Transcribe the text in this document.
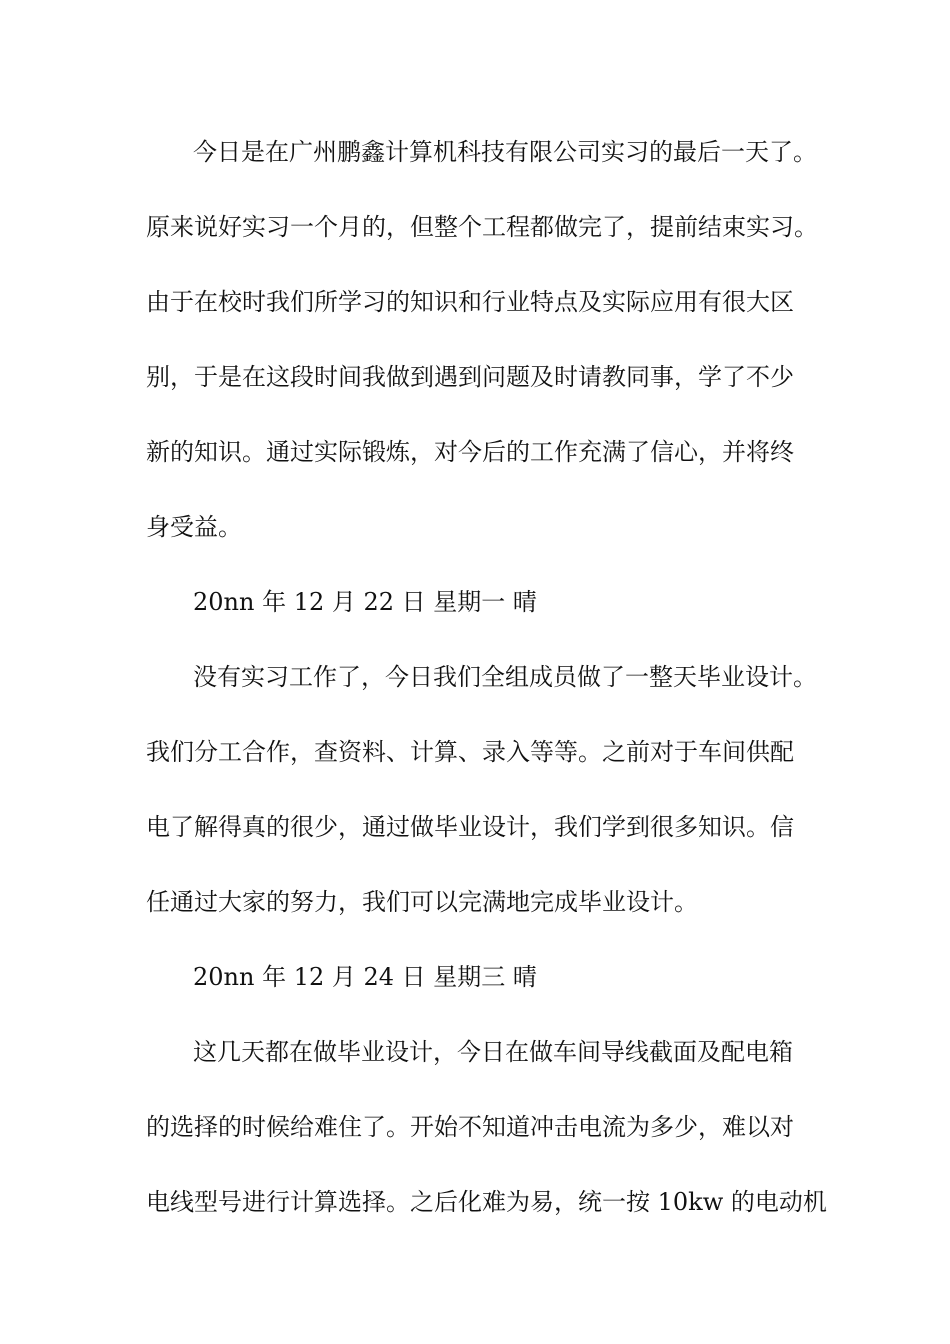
今日是在广州鹏鑫计算机科技有限公司实习的最后一天了。
原来说好实习一个月的，但整个工程都做完了，提前结束实习。
由于在校时我们所学习的知识和行业特点及实际应用有很大区
别，于是在这段时间我做到遇到问题及时请教同事，学了不少
新的知识。通过实际锻炼，对今后的工作充满了信心，并将终
身受益。
20nn 年 12 月 22 日 星期一 晴
没有实习工作了，今日我们全组成员做了一整天毕业设计。
我们分工合作，查资料、计算、录入等等。之前对于车间供配
电了解得真的很少，通过做毕业设计，我们学到很多知识。信
任通过大家的努力，我们可以完满地完成毕业设计。
20nn 年 12 月 24 日 星期三 晴
这几天都在做毕业设计，今日在做车间导线截面及配电箱
的选择的时候给难住了。开始不知道冲击电流为多少，难以对
电线型号进行计算选择。之后化难为易，统一按 10kw 的电动机
